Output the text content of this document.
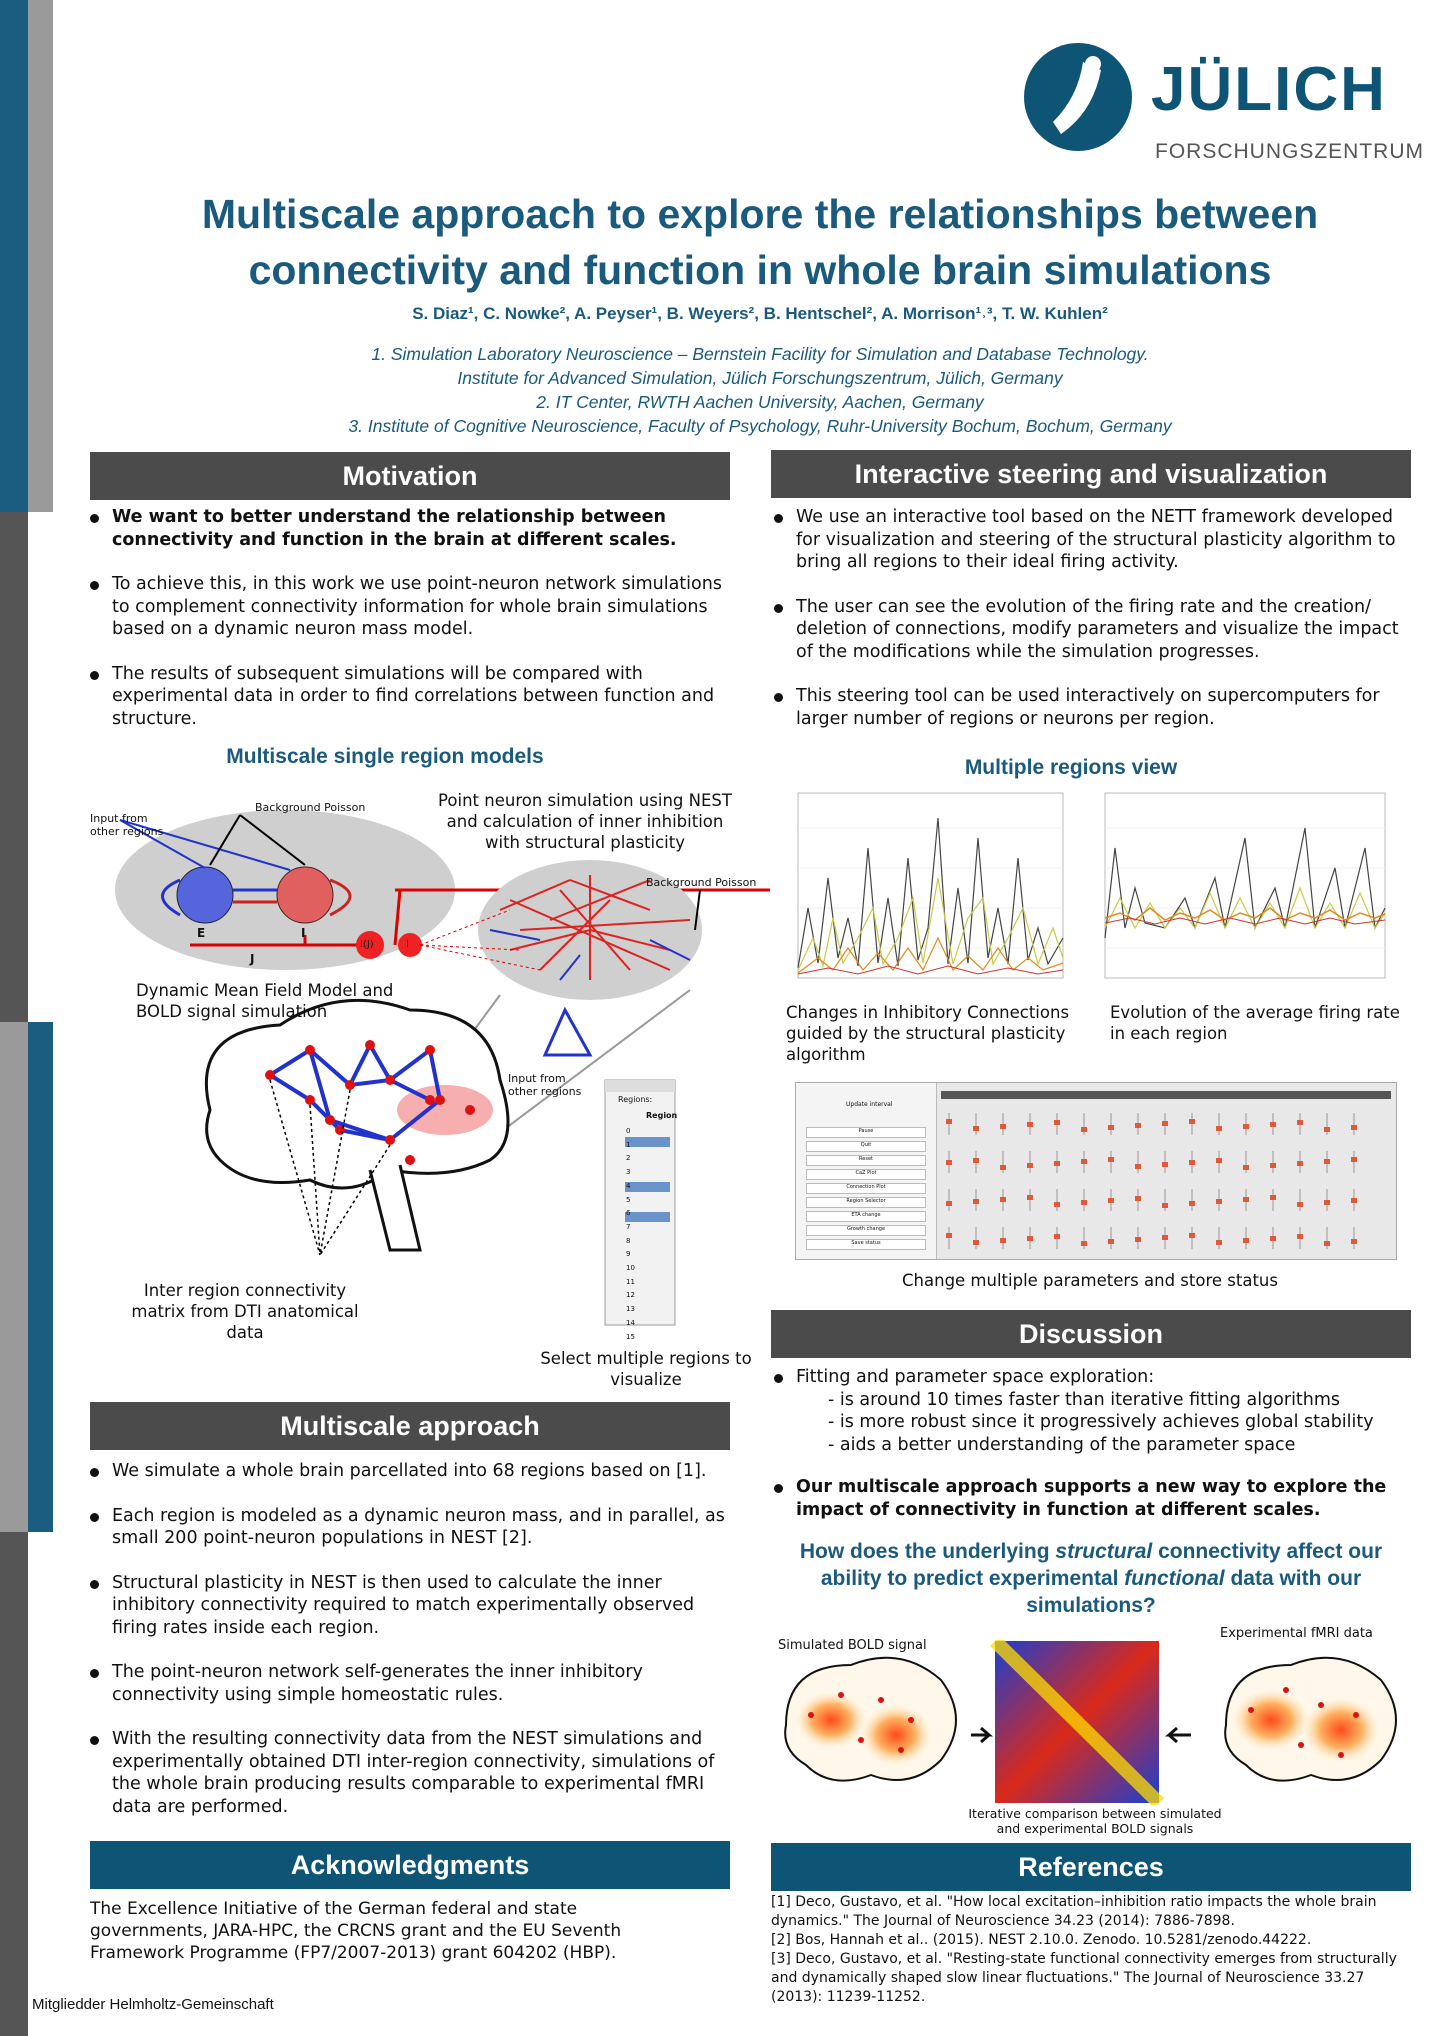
JÜLICH
FORSCHUNGSZENTRUM
Multiscale approach to explore the relationships between
connectivity and function in whole brain simulations
S. Diaz¹, C. Nowke², A. Peyser¹, B. Weyers², B. Hentschel², A. Morrison¹˒³, T. W. Kuhlen²
1. Simulation Laboratory Neuroscience – Bernstein Facility for Simulation and Database Technology.
Institute for Advanced Simulation, Jülich Forschungszentrum, Jülich, Germany
2. IT Center, RWTH Aachen University, Aachen, Germany
3. Institute of Cognitive Neuroscience, Faculty of Psychology, Ruhr-University Bochum, Bochum, Germany
Motivation
We want to better understand the relationship between connectivity and function in the brain at different scales.
To achieve this, in this work we use point-neuron network simulations to complement connectivity information for whole brain simulations based on a dynamic neuron mass model.
The results of subsequent simulations will be compared with experimental data in order to find correlations between function and structure.
Multiscale single region models
Input from
other regions
Background Poisson	Point neuron simulation using NEST and calculation of inner inhibition with structural plasticity
Background Poisson
E	I
J
I(J)	I
Dynamic Mean Field Model and BOLD signal simulation
Input from
other regions
Regions:
Region
0
1
2
3
4
5
6
7
8
9
10
11
12
13
14
15
Inter region connectivity matrix from DTI anatomical data
Select multiple regions to visualize
Interactive steering and visualization
We use an interactive tool based on the NETT framework developed for visualization and steering of the structural plasticity algorithm to bring all regions to their ideal firing activity.
The user can see the evolution of the firing rate and the creation/ deletion of connections, modify parameters and visualize the impact of the modifications while the simulation progresses.
This steering tool can be used interactively on supercomputers for larger number of regions or neurons per region.
Multiple regions view
Changes in Inhibitory Connections guided by the structural plasticity algorithm
Evolution of the average firing rate in each region
Update interval
Pause
Quit
Reset
CaZ Plot
Connection Plot
Region Selector
ETA change
Growth change
Save status
Change multiple parameters and store status
Discussion
Fitting and parameter space exploration:
- is around 10 times faster than iterative fitting algorithms
- is more robust since it progressively achieves global stability
- aids a better understanding of the parameter space
Our multiscale approach supports a new way to explore the impact of connectivity in function at different scales.
How does the underlying structural connectivity affect our ability to predict experimental functional data with our simulations?
Simulated BOLD signal
Experimental fMRI data
Iterative comparison between simulated and experimental BOLD signals
Multiscale approach
We simulate a whole brain parcellated into 68 regions based on [1].
Each region is modeled as a dynamic neuron mass, and in parallel, as small 200 point-neuron populations in NEST [2].
Structural plasticity in NEST is then used to calculate the inner inhibitory connectivity required to match experimentally observed firing rates inside each region.
The point-neuron network self-generates the inner inhibitory connectivity using simple homeostatic rules.
With the resulting connectivity data from the NEST simulations and experimentally obtained DTI inter-region connectivity, simulations of the whole brain producing results comparable to experimental fMRI data are performed.
Acknowledgments
The Excellence Initiative of the German federal and state governments, JARA-HPC, the CRCNS grant and the EU Seventh Framework Programme (FP7/2007-2013) grant 604202 (HBP).
References
[1] Deco, Gustavo, et al. "How local excitation–inhibition ratio impacts the whole brain dynamics." The Journal of Neuroscience 34.23 (2014): 7886-7898.
[2] Bos, Hannah et al.. (2015). NEST 2.10.0. Zenodo. 10.5281/zenodo.44222.
[3] Deco, Gustavo, et al. "Resting-state functional connectivity emerges from structurally and dynamically shaped slow linear fluctuations." The Journal of Neuroscience 33.27 (2013): 11239-11252.
Mitgliedder Helmholtz-Gemeinschaft
